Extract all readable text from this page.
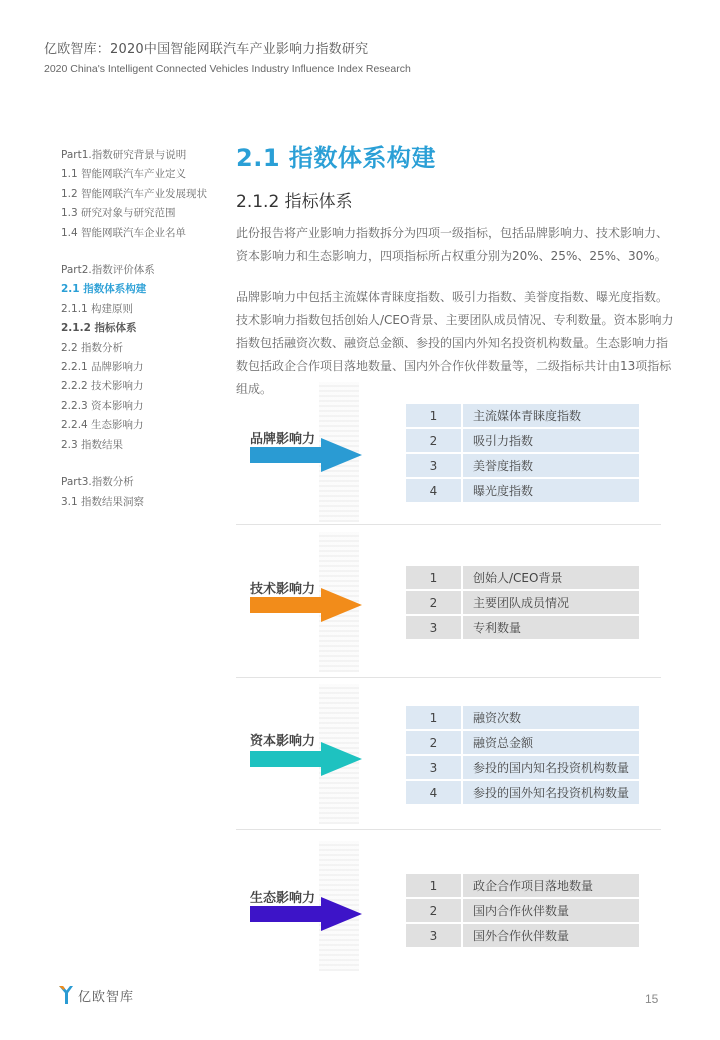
亿欧智库：2020中国智能网联汽车产业影响力指数研究
2020 China's Intelligent Connected Vehicles Industry Influence Index Research
Part1.指数研究背景与说明
1.1 智能网联汽车产业定义
1.2 智能网联汽车产业发展现状
1.3 研究对象与研究范围
1.4 智能网联汽车企业名单
Part2.指数评价体系
2.1 指数体系构建
2.1.1 构建原则
2.1.2 指标体系
2.2 指数分析
2.2.1 品牌影响力
2.2.2 技术影响力
2.2.3 资本影响力
2.2.4 生态影响力
2.3 指数结果
Part3.指数分析
3.1 指数结果洞察
2.1 指数体系构建
2.1.2 指标体系

此份报告将产业影响力指数拆分为四项一级指标，包括品牌影响力、技术影响力、资本影响力和生态影响力，四项指标所占权重分别为20%、25%、25%、30%。

品牌影响力中包括主流媒体青睐度指数、吸引力指数、美誉度指数、曝光度指数。技术影响力指数包括创始人/CEO背景、主要团队成员情况、专利数量。资本影响力指数包括融资次数、融资总金额、参投的国内外知名投资机构数量。生态影响力指数包括政企合作项目落地数量、国内外合作伙伴数量等，二级指标共计由13项指标组成。

品牌影响力
1	主流媒体青睐度指数
2	吸引力指数
3	美誉度指数
4	曝光度指数
技术影响力
1	创始人/CEO背景
2	主要团队成员情况
3	专利数量
资本影响力
1	融资次数
2	融资总金额
3	参投的国内知名投资机构数量
4	参投的国外知名投资机构数量
生态影响力
1	政企合作项目落地数量
2	国内合作伙伴数量
3	国外合作伙伴数量
亿欧智库	15
